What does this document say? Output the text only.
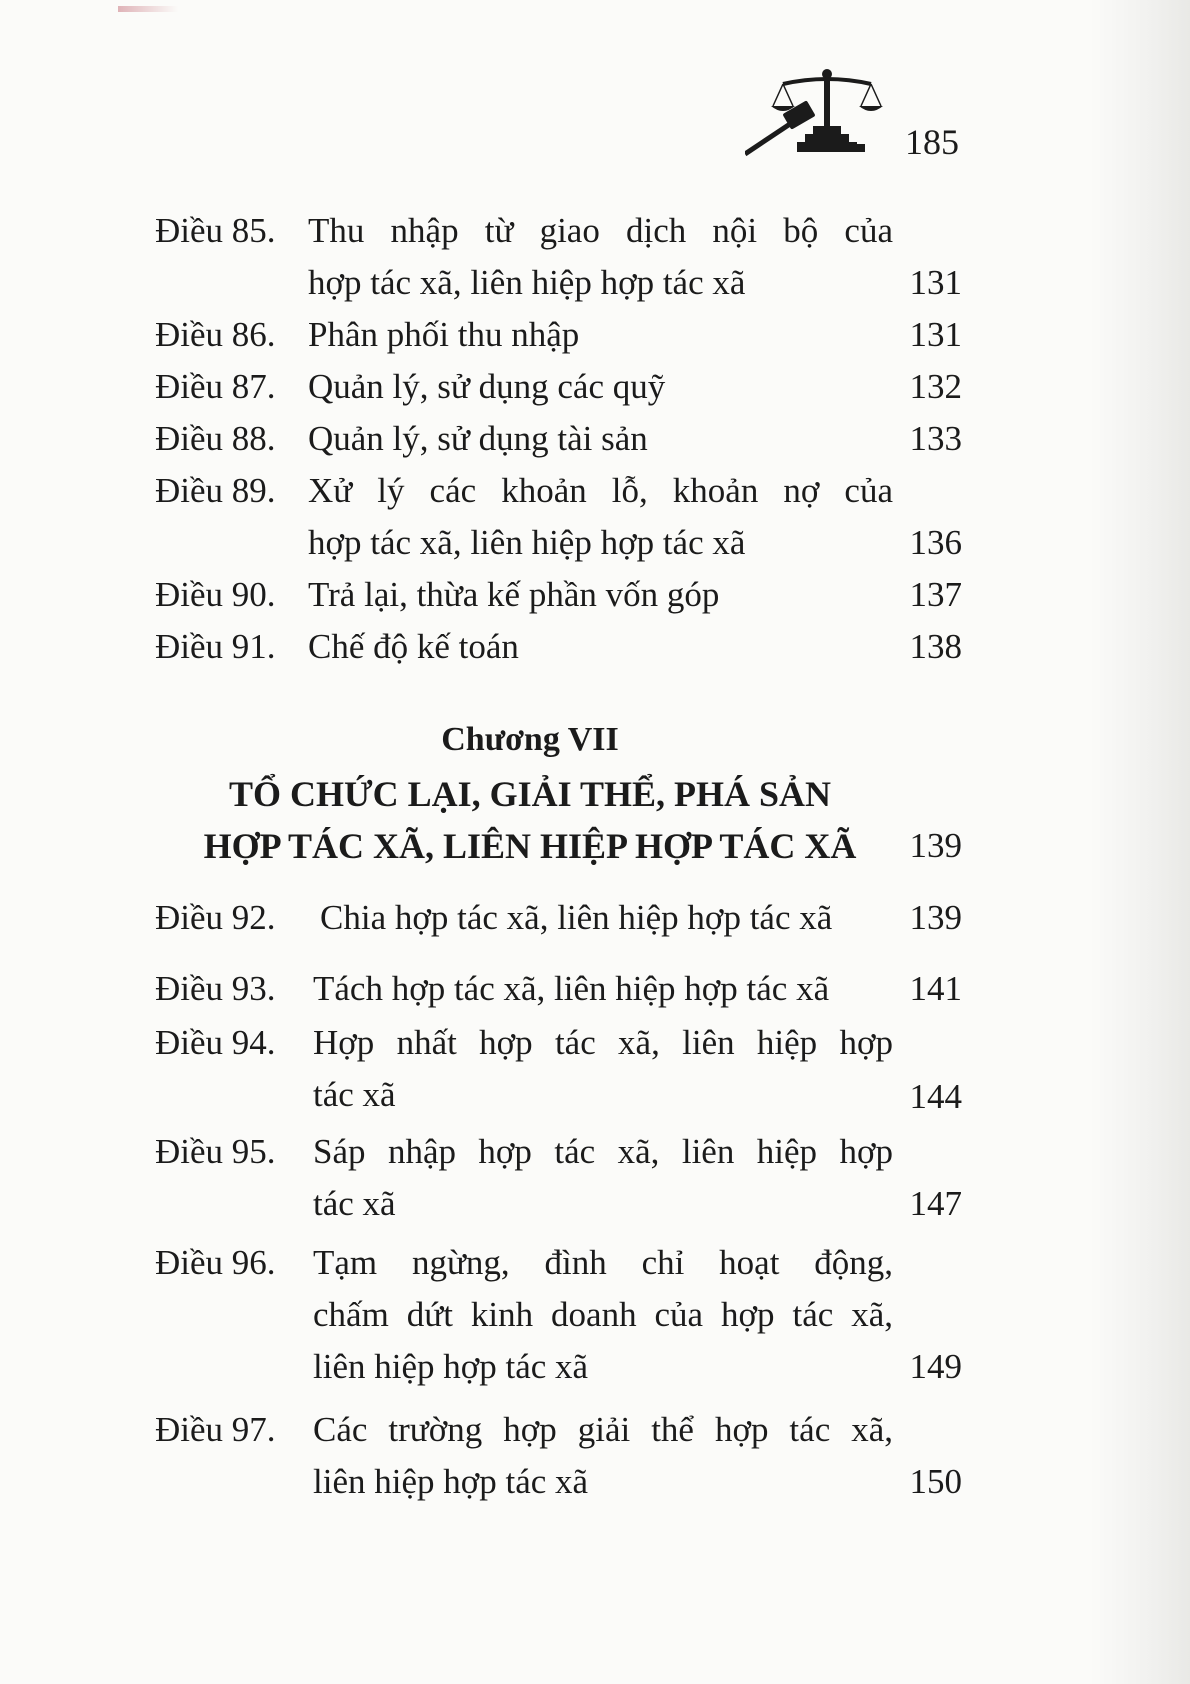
185
Điều 85. Thu nhập từ giao dịch nội bộ của
hợp tác xã, liên hiệp hợp tác xã	131
Điều 86. Phân phối thu nhập	131
Điều 87. Quản lý, sử dụng các quỹ	132
Điều 88. Quản lý, sử dụng tài sản	133
Điều 89. Xử lý các khoản lỗ, khoản nợ của
hợp tác xã, liên hiệp hợp tác xã	136
Điều 90. Trả lại, thừa kế phần vốn góp	137
Điều 91. Chế độ kế toán	138
Chương VII
TỔ CHỨC LẠI, GIẢI THỂ, PHÁ SẢN
HỢP TÁC XÃ, LIÊN HIỆP HỢP TÁC XÃ	139
Điều 92. Chia hợp tác xã, liên hiệp hợp tác xã	139
Điều 93. Tách hợp tác xã, liên hiệp hợp tác xã	141
Điều 94. Hợp nhất hợp tác xã, liên hiệp hợp
tác xã	144
Điều 95. Sáp nhập hợp tác xã, liên hiệp hợp
tác xã	147
Điều 96. Tạm ngừng, đình chỉ hoạt động,
chấm dứt kinh doanh của hợp tác xã,
liên hiệp hợp tác xã	149
Điều 97. Các trường hợp giải thể hợp tác xã,
liên hiệp hợp tác xã	150
